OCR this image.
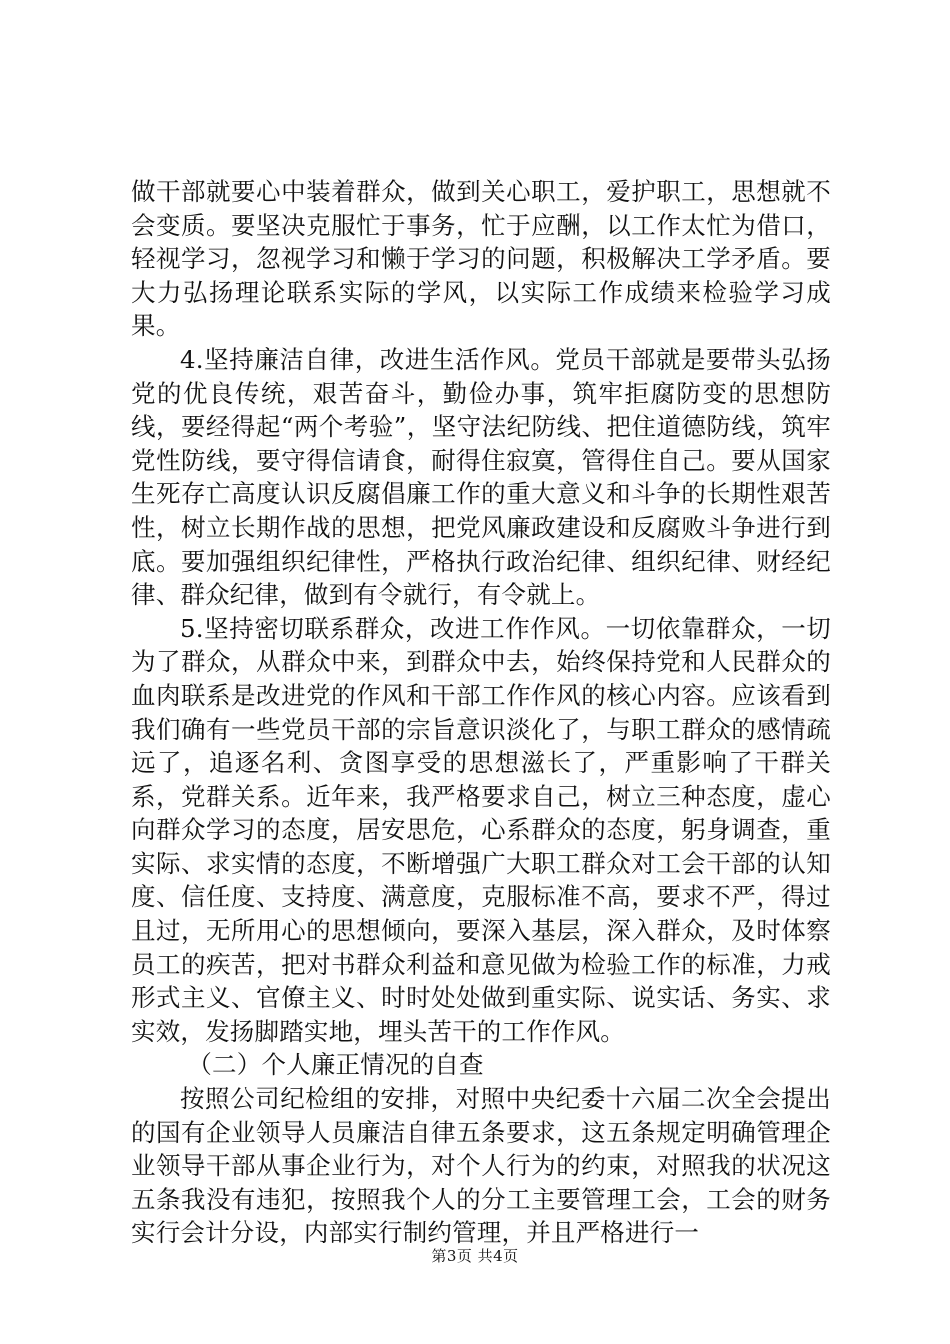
做干部就要心中装着群众，做到关心职工，爱护职工，思想就不会变质。要坚决克服忙于事务，忙于应酬，以工作太忙为借口，轻视学习，忽视学习和懒于学习的问题，积极解决工学矛盾。要大力弘扬理论联系实际的学风，以实际工作成绩来检验学习成果。

4.坚持廉洁自律，改进生活作风。党员干部就是要带头弘扬党的优良传统，艰苦奋斗，勤俭办事，筑牢拒腐防变的思想防线，要经得起“两个考验”，坚守法纪防线、把住道德防线，筑牢党性防线，要守得信请食，耐得住寂寞，管得住自己。要从国家生死存亡高度认识反腐倡廉工作的重大意义和斗争的长期性艰苦性，树立长期作战的思想，把党风廉政建设和反腐败斗争进行到底。要加强组织纪律性，严格执行政治纪律、组织纪律、财经纪律、群众纪律，做到有令就行，有令就上。

5.坚持密切联系群众，改进工作作风。一切依靠群众，一切为了群众，从群众中来，到群众中去，始终保持党和人民群众的血肉联系是改进党的作风和干部工作作风的核心内容。应该看到我们确有一些党员干部的宗旨意识淡化了，与职工群众的感情疏远了，追逐名利、贪图享受的思想滋长了，严重影响了干群关系，党群关系。近年来，我严格要求自己，树立三种态度，虚心向群众学习的态度，居安思危，心系群众的态度，躬身调查，重实际、求实情的态度，不断增强广大职工群众对工会干部的认知度、信任度、支持度、满意度，克服标准不高，要求不严，得过且过，无所用心的思想倾向，要深入基层，深入群众，及时体察员工的疾苦，把对书群众利益和意见做为检验工作的标准，力戒形式主义、官僚主义、时时处处做到重实际、说实话、务实、求实效，发扬脚踏实地，埋头苦干的工作作风。

（二）个人廉正情况的自查

按照公司纪检组的安排，对照中央纪委十六届二次全会提出的国有企业领导人员廉洁自律五条要求，这五条规定明确管理企业领导干部从事企业行为，对个人行为的约束，对照我的状况这五条我没有违犯，按照我个人的分工主要管理工会，工会的财务实行会计分设，内部实行制约管理，并且严格进行一

第3页 共4页
